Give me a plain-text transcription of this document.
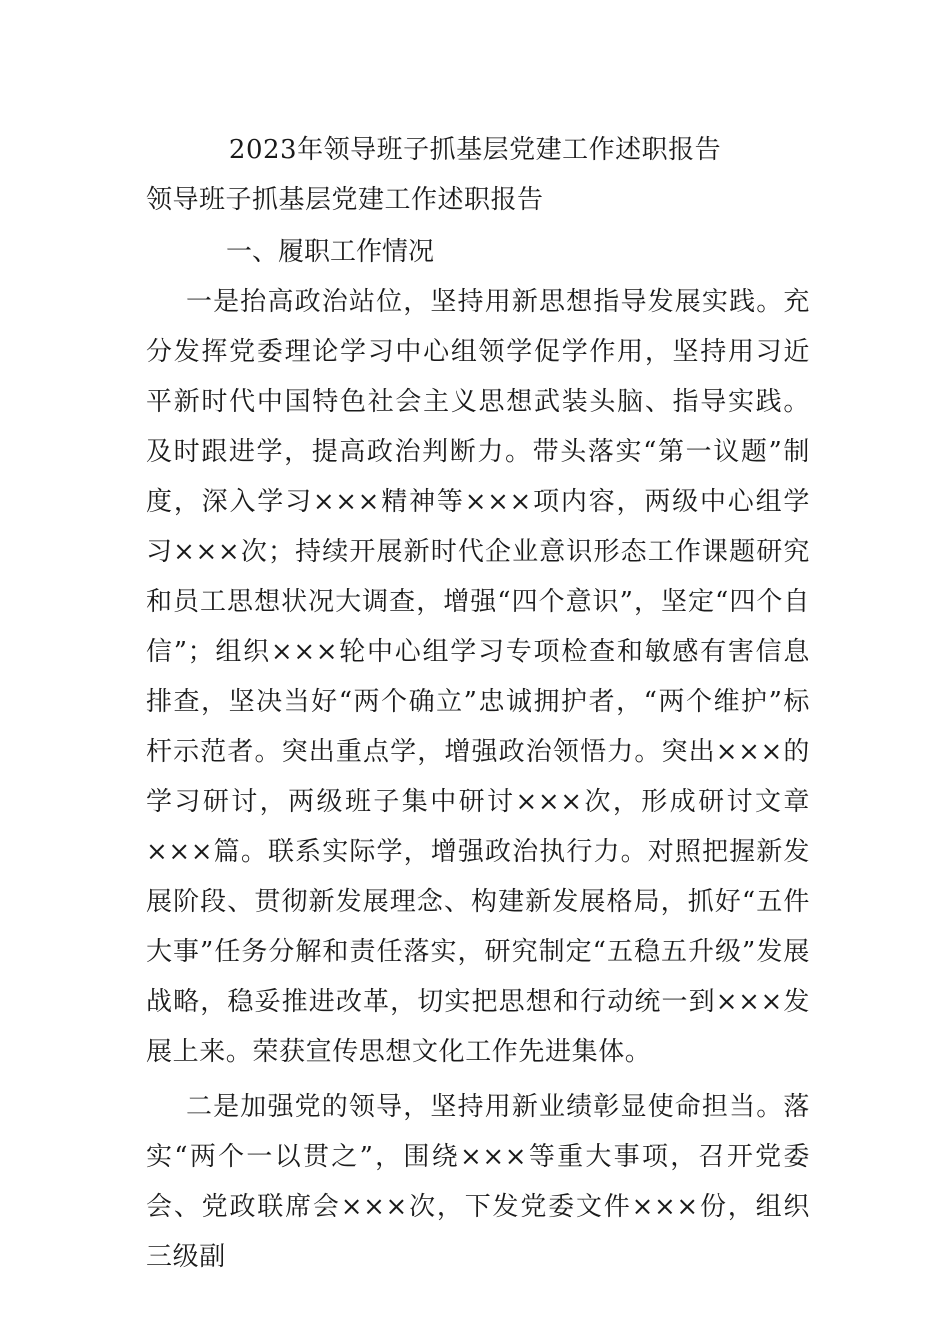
2023年领导班子抓基层党建工作述职报告
领导班子抓基层党建工作述职报告
一、履职工作情况

一是抬高政治站位，坚持用新思想指导发展实践。充分发挥党委理论学习中心组领学促学作用，坚持用习近平新时代中国特色社会主义思想武装头脑、指导实践。及时跟进学，提高政治判断力。带头落实“第一议题”制度，深入学习×××精神等×××项内容，两级中心组学习×××次；持续开展新时代企业意识形态工作课题研究和员工思想状况大调查，增强“四个意识”，坚定“四个自信”；组织×××轮中心组学习专项检查和敏感有害信息排查，坚决当好“两个确立”忠诚拥护者，“两个维护”标杆示范者。突出重点学，增强政治领悟力。突出×××的学习研讨，两级班子集中研讨×××次，形成研讨文章×××篇。联系实际学，增强政治执行力。对照把握新发展阶段、贯彻新发展理念、构建新发展格局，抓好“五件大事”任务分解和责任落实，研究制定“五稳五升级”发展战略，稳妥推进改革，切实把思想和行动统一到×××发展上来。荣获宣传思想文化工作先进集体。

二是加强党的领导，坚持用新业绩彰显使命担当。落实“两个一以贯之”，围绕×××等重大事项，召开党委会、党政联席会×××次，下发党委文件×××份，组织三级副
